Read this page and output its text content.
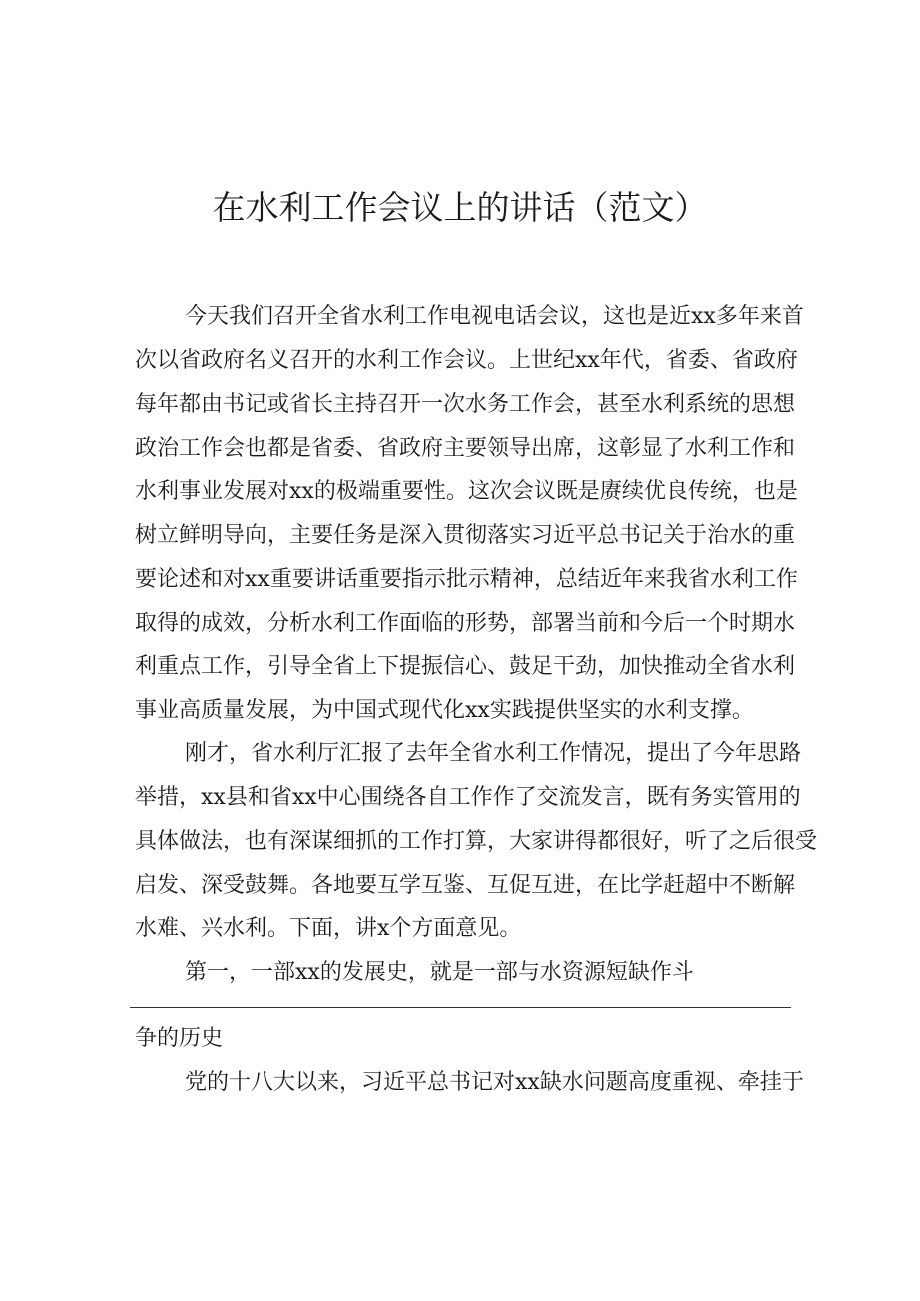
在水利工作会议上的讲话（范文）
今天我们召开全省水利工作电视电话会议，这也是近xx多年来首
次以省政府名义召开的水利工作会议。上世纪xx年代，省委、省政府
每年都由书记或省长主持召开一次水务工作会，甚至水利系统的思想
政治工作会也都是省委、省政府主要领导出席，这彰显了水利工作和
水利事业发展对xx的极端重要性。这次会议既是赓续优良传统，也是
树立鲜明导向，主要任务是深入贯彻落实习近平总书记关于治水的重
要论述和对xx重要讲话重要指示批示精神，总结近年来我省水利工作
取得的成效，分析水利工作面临的形势，部署当前和今后一个时期水
利重点工作，引导全省上下提振信心、鼓足干劲，加快推动全省水利
事业高质量发展，为中国式现代化xx实践提供坚实的水利支撑。
刚才，省水利厅汇报了去年全省水利工作情况，提出了今年思路
举措，xx县和省xx中心围绕各自工作作了交流发言，既有务实管用的
具体做法，也有深谋细抓的工作打算，大家讲得都很好，听了之后很受
启发、深受鼓舞。各地要互学互鉴、互促互进，在比学赶超中不断解
水难、兴水利。下面，讲x个方面意见。
第一，一部xx的发展史，就是一部与水资源短缺作斗
争的历史
党的十八大以来，习近平总书记对xx缺水问题高度重视、牵挂于
